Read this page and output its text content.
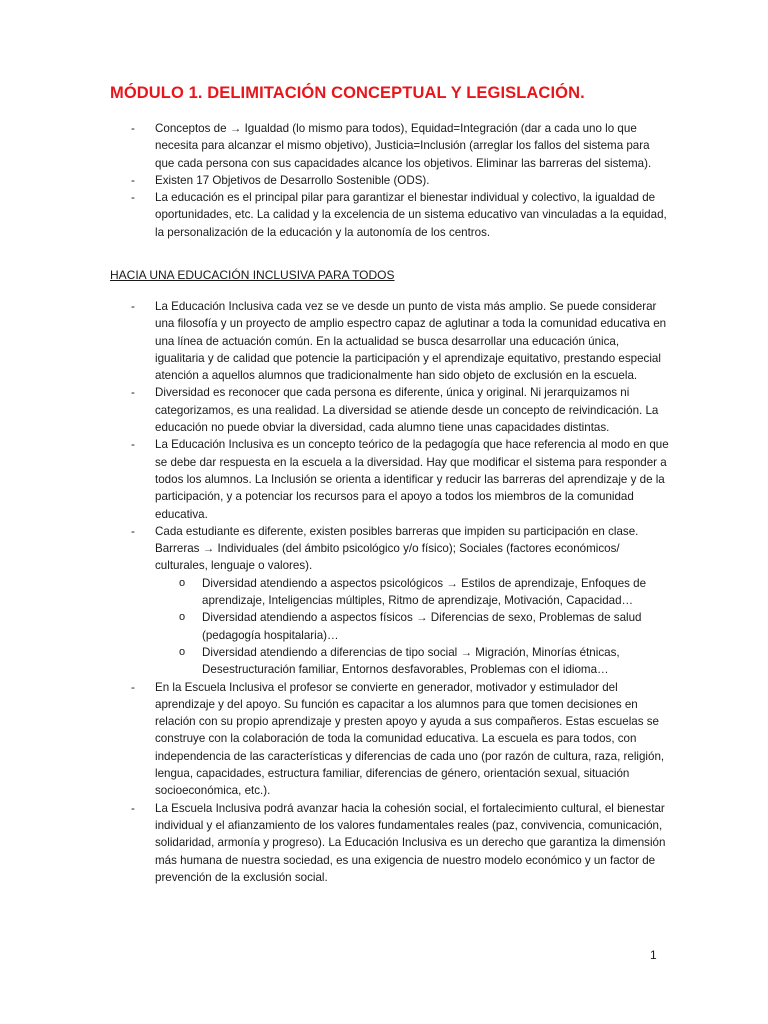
MÓDULO 1. DELIMITACIÓN CONCEPTUAL Y LEGISLACIÓN.
- Conceptos de → Igualdad (lo mismo para todos), Equidad=Integración (dar a cada uno lo que necesita para alcanzar el mismo objetivo), Justicia=Inclusión (arreglar los fallos del sistema para que cada persona con sus capacidades alcance los objetivos. Eliminar las barreras del sistema).
- Existen 17 Objetivos de Desarrollo Sostenible (ODS).
- La educación es el principal pilar para garantizar el bienestar individual y colectivo, la igualdad de oportunidades, etc. La calidad y la excelencia de un sistema educativo van vinculadas a la equidad, la personalización de la educación y la autonomía de los centros.
HACIA UNA EDUCACIÓN INCLUSIVA PARA TODOS
- La Educación Inclusiva cada vez se ve desde un punto de vista más amplio. Se puede considerar una filosofía y un proyecto de amplio espectro capaz de aglutinar a toda la comunidad educativa en una línea de actuación común. En la actualidad se busca desarrollar una educación única, igualitaria y de calidad que potencie la participación y el aprendizaje equitativo, prestando especial atención a aquellos alumnos que tradicionalmente han sido objeto de exclusión en la escuela.
- Diversidad es reconocer que cada persona es diferente, única y original. Ni jerarquizamos ni categorizamos, es una realidad. La diversidad se atiende desde un concepto de reivindicación. La educación no puede obviar la diversidad, cada alumno tiene unas capacidades distintas.
- La Educación Inclusiva es un concepto teórico de la pedagogía que hace referencia al modo en que se debe dar respuesta en la escuela a la diversidad. Hay que modificar el sistema para responder a todos los alumnos. La Inclusión se orienta a identificar y reducir las barreras del aprendizaje y de la participación, y a potenciar los recursos para el apoyo a todos los miembros de la comunidad educativa.
- Cada estudiante es diferente, existen posibles barreras que impiden su participación en clase. Barreras → Individuales (del ámbito psicológico y/o físico); Sociales (factores económicos/ culturales, lenguaje o valores).
o Diversidad atendiendo a aspectos psicológicos → Estilos de aprendizaje, Enfoques de aprendizaje, Inteligencias múltiples, Ritmo de aprendizaje, Motivación, Capacidad…
o Diversidad atendiendo a aspectos físicos → Diferencias de sexo, Problemas de salud (pedagogía hospitalaria)…
o Diversidad atendiendo a diferencias de tipo social → Migración, Minorías étnicas, Desestructuración familiar, Entornos desfavorables, Problemas con el idioma…
- En la Escuela Inclusiva el profesor se convierte en generador, motivador y estimulador del aprendizaje y del apoyo. Su función es capacitar a los alumnos para que tomen decisiones en relación con su propio aprendizaje y presten apoyo y ayuda a sus compañeros. Estas escuelas se construye con la colaboración de toda la comunidad educativa. La escuela es para todos, con independencia de las características y diferencias de cada uno (por razón de cultura, raza, religión, lengua, capacidades, estructura familiar, diferencias de género, orientación sexual, situación socioeconómica, etc.).
- La Escuela Inclusiva podrá avanzar hacia la cohesión social, el fortalecimiento cultural, el bienestar individual y el afianzamiento de los valores fundamentales reales (paz, convivencia, comunicación, solidaridad, armonía y progreso). La Educación Inclusiva es un derecho que garantiza la dimensión más humana de nuestra sociedad, es una exigencia de nuestro modelo económico y un factor de prevención de la exclusión social.
1
